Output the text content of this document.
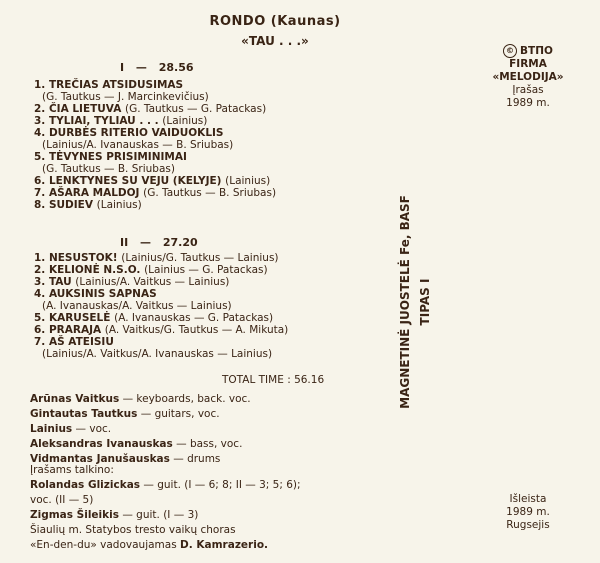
RONDO (Kaunas)
«TAU . . .»
I — 28.56
1. TREČIAS ATSIDUSIMAS
(G. Tautkus — J. Marcinkevičius)
2. ČIA LIETUVA (G. Tautkus — G. Patackas)
3. TYLIAI, TYLIAU . . . (Lainius)
4. DURBĖS RITERIO VAIDUOKLIS
(Lainius/A. Ivanauskas — B. Sriubas)
5. TĖVYNES PRISIMINIMAI
(G. Tautkus — B. Sriubas)
6. LENKTYNES SU VEJU (KELYJE) (Lainius)
7. AŠARA MALDOJ (G. Tautkus — B. Sriubas)
8. SUDIEV (Lainius)
II — 27.20
1. NESUSTOK! (Lainius/G. Tautkus — Lainius)
2. KELIONĖ N.S.O. (Lainius — G. Patackas)
3. TAU (Lainius/A. Vaitkus — Lainius)
4. AUKSINIS SAPNAS
(A. Ivanauskas/A. Vaitkus — Lainius)
5. KARUSELĖ (A. Ivanauskas — G. Patackas)
6. PRARAJA (A. Vaitkus/G. Tautkus — A. Mikuta)
7. AŠ ATEISIU
(Lainius/A. Vaitkus/A. Ivanauskas — Lainius)
TOTAL TIME : 56.16
Arūnas Vaitkus — keyboards, back. voc.
Gintautas Tautkus — guitars, voc.
Lainius — voc.
Aleksandras Ivanauskas — bass, voc.
Vidmantas Janušauskas — drums
Įrašams talkino:
Rolandas Glizickas — guit. (I — 6; 8; II — 3; 5; 6);
voc. (II — 5)
Zigmas Šileikis — guit. (I — 3)
Šiaulių m. Statybos tresto vaikų choras
«En-den-du» vadovaujamas D. Kamrazerio.
© BTПO
FIRMA
«MELODIJA»
Įrašas
1989 m.
MAGNETINĖ JUOSTELĖ Fe, BASF TIPAS I
Išleista
1989 m.
Rugsejis
